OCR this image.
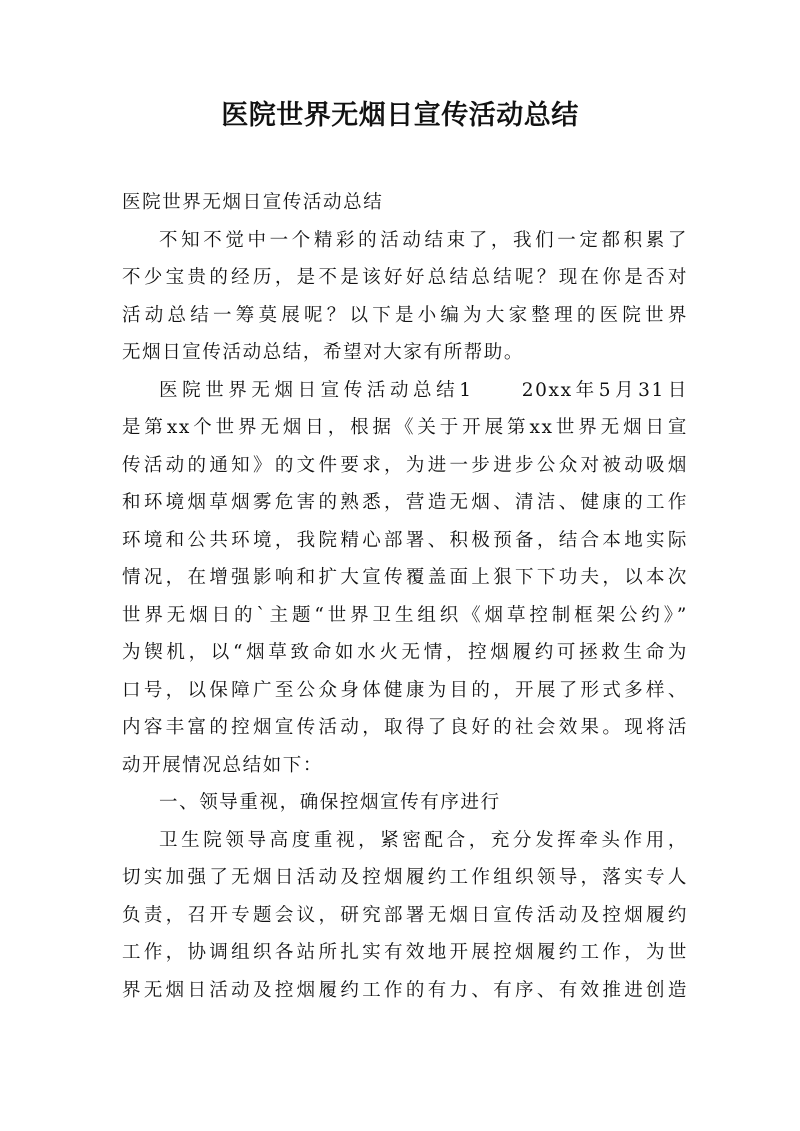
医院世界无烟日宣传活动总结
医院世界无烟日宣传活动总结
不知不觉中一个精彩的活动结束了，我们一定都积累了
不少宝贵的经历，是不是该好好总结总结呢？现在你是否对
活动总结一筹莫展呢？以下是小编为大家整理的医院世界
无烟日宣传活动总结，希望对大家有所帮助。
医院世界无烟日宣传活动总结1　　20xx年5月31日
是第xx个世界无烟日，根据《关于开展第xx世界无烟日宣
传活动的通知》的文件要求，为进一步进步公众对被动吸烟
和环境烟草烟雾危害的熟悉，营造无烟、清洁、健康的工作
环境和公共环境，我院精心部署、积极预备，结合本地实际
情况，在增强影响和扩大宣传覆盖面上狠下下功夫，以本次
世界无烟日的`主题“世界卫生组织《烟草控制框架公约》”
为锲机，以“烟草致命如水火无情，控烟履约可拯救生命为
口号，以保障广至公众身体健康为目的，开展了形式多样、
内容丰富的控烟宣传活动，取得了良好的社会效果。现将活
动开展情况总结如下：
一、领导重视，确保控烟宣传有序进行
卫生院领导高度重视，紧密配合，充分发挥牵头作用，
切实加强了无烟日活动及控烟履约工作组织领导，落实专人
负责，召开专题会议，研究部署无烟日宣传活动及控烟履约
工作，协调组织各站所扎实有效地开展控烟履约工作，为世
界无烟日活动及控烟履约工作的有力、有序、有效推进创造
